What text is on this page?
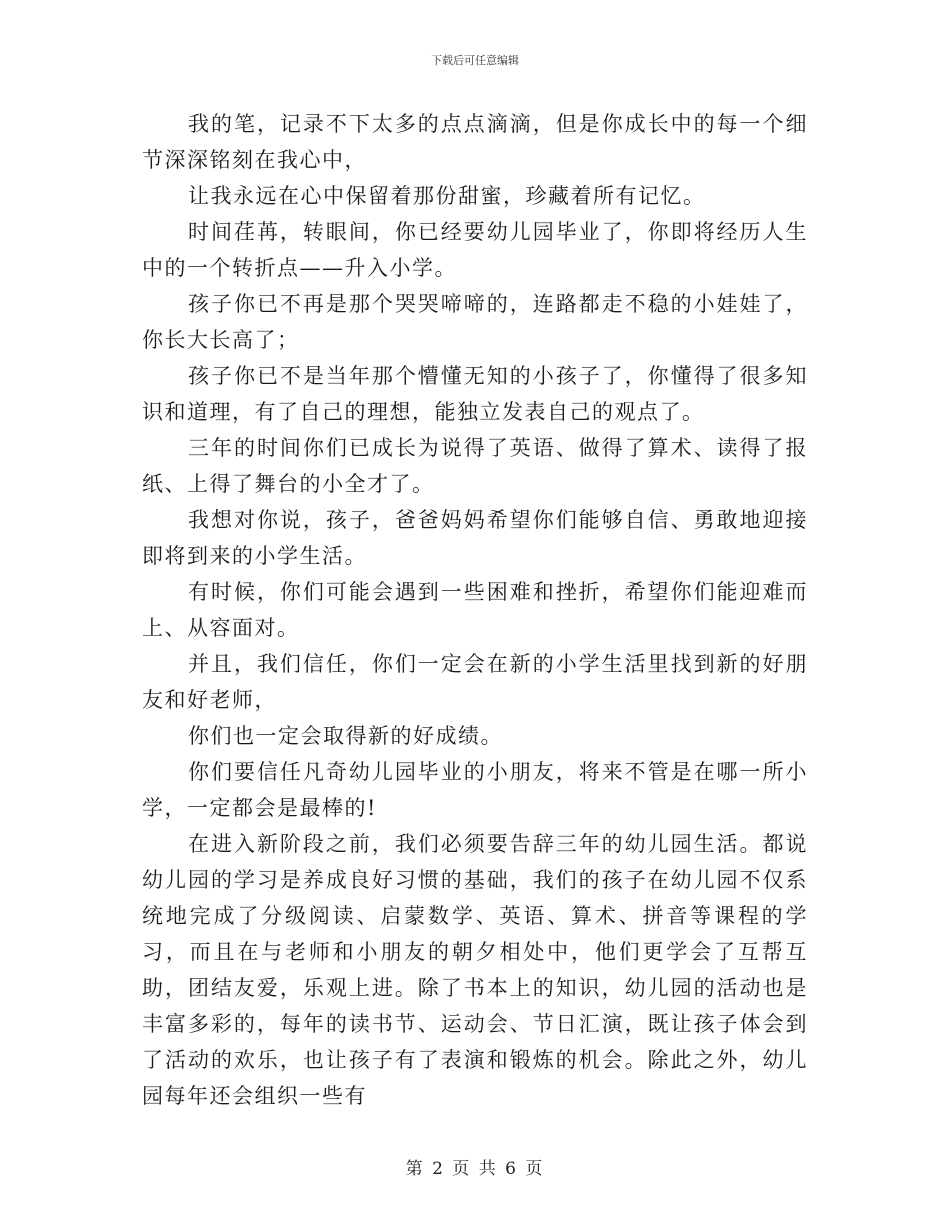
下载后可任意编辑

我的笔，记录不下太多的点点滴滴，但是你成长中的每一个细节深深铭刻在我心中，

让我永远在心中保留着那份甜蜜，珍藏着所有记忆。

时间荏苒，转眼间，你已经要幼儿园毕业了，你即将经历人生中的一个转折点——升入小学。

孩子你已不再是那个哭哭啼啼的，连路都走不稳的小娃娃了，你长大长高了；

孩子你已不是当年那个懵懂无知的小孩子了，你懂得了很多知识和道理，有了自己的理想，能独立发表自己的观点了。

三年的时间你们已成长为说得了英语、做得了算术、读得了报纸、上得了舞台的小全才了。

我想对你说，孩子，爸爸妈妈希望你们能够自信、勇敢地迎接即将到来的小学生活。

有时候，你们可能会遇到一些困难和挫折，希望你们能迎难而上、从容面对。

并且，我们信任，你们一定会在新的小学生活里找到新的好朋友和好老师，

你们也一定会取得新的好成绩。

你们要信任凡奇幼儿园毕业的小朋友，将来不管是在哪一所小学，一定都会是最棒的!

在进入新阶段之前，我们必须要告辞三年的幼儿园生活。都说幼儿园的学习是养成良好习惯的基础，我们的孩子在幼儿园不仅系统地完成了分级阅读、启蒙数学、英语、算术、拼音等课程的学习，而且在与老师和小朋友的朝夕相处中，他们更学会了互帮互助，团结友爱，乐观上进。除了书本上的知识，幼儿园的活动也是丰富多彩的，每年的读书节、运动会、节日汇演，既让孩子体会到了活动的欢乐，也让孩子有了表演和锻炼的机会。除此之外，幼儿园每年还会组织一些有

第 2 页 共 6 页
